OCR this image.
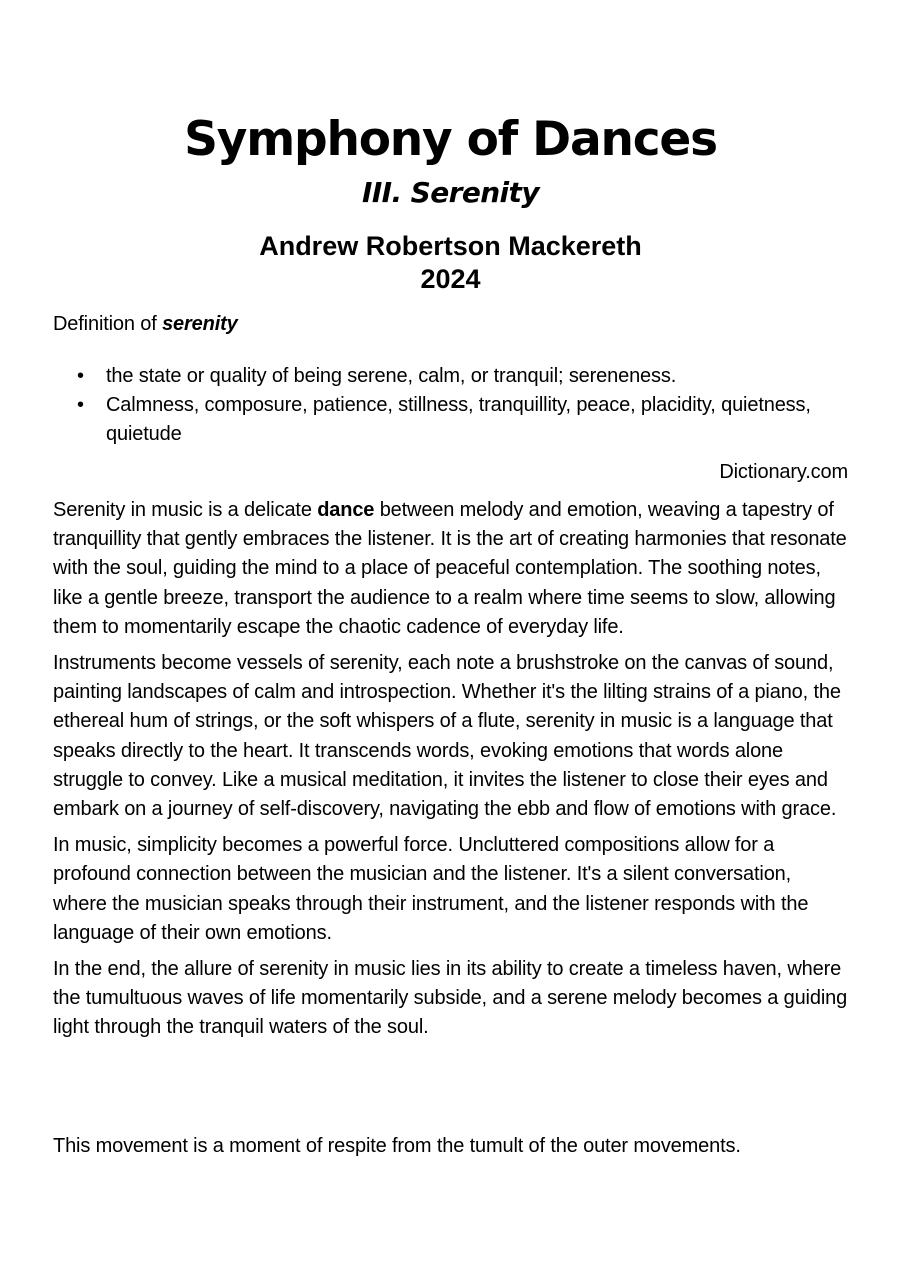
Symphony of Dances
III. Serenity
Andrew Robertson Mackereth
2024
Definition of serenity
• the state or quality of being serene, calm, or tranquil; sereneness.
• Calmness, composure, patience, stillness, tranquillity, peace, placidity, quietness, quietude
Dictionary.com

Serenity in music is a delicate dance between melody and emotion, weaving a tapestry of tranquillity that gently embraces the listener. It is the art of creating harmonies that resonate with the soul, guiding the mind to a place of peaceful contemplation. The soothing notes, like a gentle breeze, transport the audience to a realm where time seems to slow, allowing them to momentarily escape the chaotic cadence of everyday life.

Instruments become vessels of serenity, each note a brushstroke on the canvas of sound, painting landscapes of calm and introspection. Whether it's the lilting strains of a piano, the ethereal hum of strings, or the soft whispers of a flute, serenity in music is a language that speaks directly to the heart. It transcends words, evoking emotions that words alone struggle to convey. Like a musical meditation, it invites the listener to close their eyes and embark on a journey of self-discovery, navigating the ebb and flow of emotions with grace.

In music, simplicity becomes a powerful force. Uncluttered compositions allow for a profound connection between the musician and the listener. It's a silent conversation, where the musician speaks through their instrument, and the listener responds with the language of their own emotions.

In the end, the allure of serenity in music lies in its ability to create a timeless haven, where the tumultuous waves of life momentarily subside, and a serene melody becomes a guiding light through the tranquil waters of the soul.

This movement is a moment of respite from the tumult of the outer movements.
